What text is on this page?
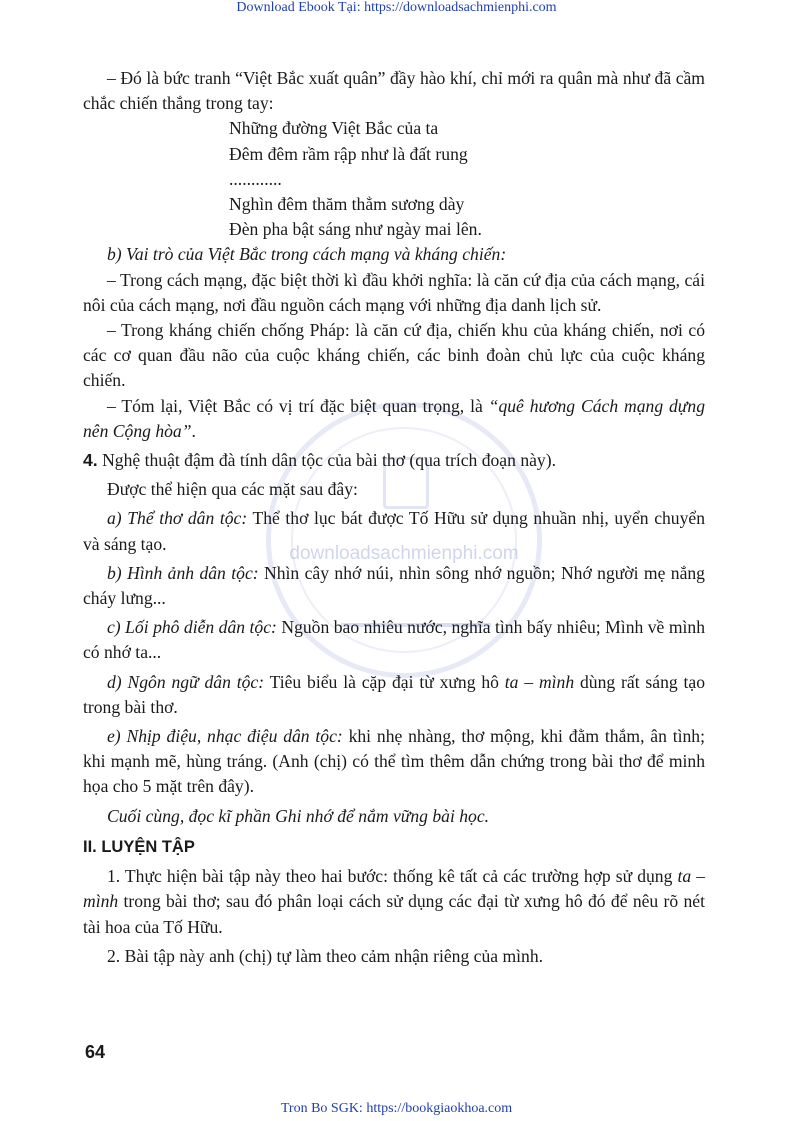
Download Ebook Tại: https://downloadsachmienphi.com
downloadsachmienphi.com

– Đó là bức tranh “Việt Bắc xuất quân” đầy hào khí, chỉ mới ra quân mà như đã cầm chắc chiến thắng trong tay:

Những đường Việt Bắc của ta
Đêm đêm rầm rập như là đất rung
............
Nghìn đêm thăm thẳm sương dày
Đèn pha bật sáng như ngày mai lên.

b) Vai trò của Việt Bắc trong cách mạng và kháng chiến:

– Trong cách mạng, đặc biệt thời kì đầu khởi nghĩa: là căn cứ địa của cách mạng, cái nôi của cách mạng, nơi đầu nguồn cách mạng với những địa danh lịch sử.

– Trong kháng chiến chống Pháp: là căn cứ địa, chiến khu của kháng chiến, nơi có các cơ quan đầu não của cuộc kháng chiến, các binh đoàn chủ lực của cuộc kháng chiến.

– Tóm lại, Việt Bắc có vị trí đặc biệt quan trọng, là “quê hương Cách mạng dựng nên Cộng hòa”.

4. Nghệ thuật đậm đà tính dân tộc của bài thơ (qua trích đoạn này).

Được thể hiện qua các mặt sau đây:

a) Thể thơ dân tộc: Thể thơ lục bát được Tố Hữu sử dụng nhuần nhị, uyển chuyển và sáng tạo.

b) Hình ảnh dân tộc: Nhìn cây nhớ núi, nhìn sông nhớ nguồn; Nhớ người mẹ nắng cháy lưng...

c) Lối phô diễn dân tộc: Nguồn bao nhiêu nước, nghĩa tình bấy nhiêu; Mình về mình có nhớ ta...

d) Ngôn ngữ dân tộc: Tiêu biểu là cặp đại từ xưng hô ta – mình dùng rất sáng tạo trong bài thơ.

e) Nhịp điệu, nhạc điệu dân tộc: khi nhẹ nhàng, thơ mộng, khi đằm thắm, ân tình; khi mạnh mẽ, hùng tráng. (Anh (chị) có thể tìm thêm dẫn chứng trong bài thơ để minh họa cho 5 mặt trên đây).

Cuối cùng, đọc kĩ phần Ghi nhớ để nắm vững bài học.

II. LUYỆN TẬP

1. Thực hiện bài tập này theo hai bước: thống kê tất cả các trường hợp sử dụng ta – mình trong bài thơ; sau đó phân loại cách sử dụng các đại từ xưng hô đó để nêu rõ nét tài hoa của Tố Hữu.

2. Bài tập này anh (chị) tự làm theo cảm nhận riêng của mình.

64
Tron Bo SGK: https://bookgiaokhoa.com
